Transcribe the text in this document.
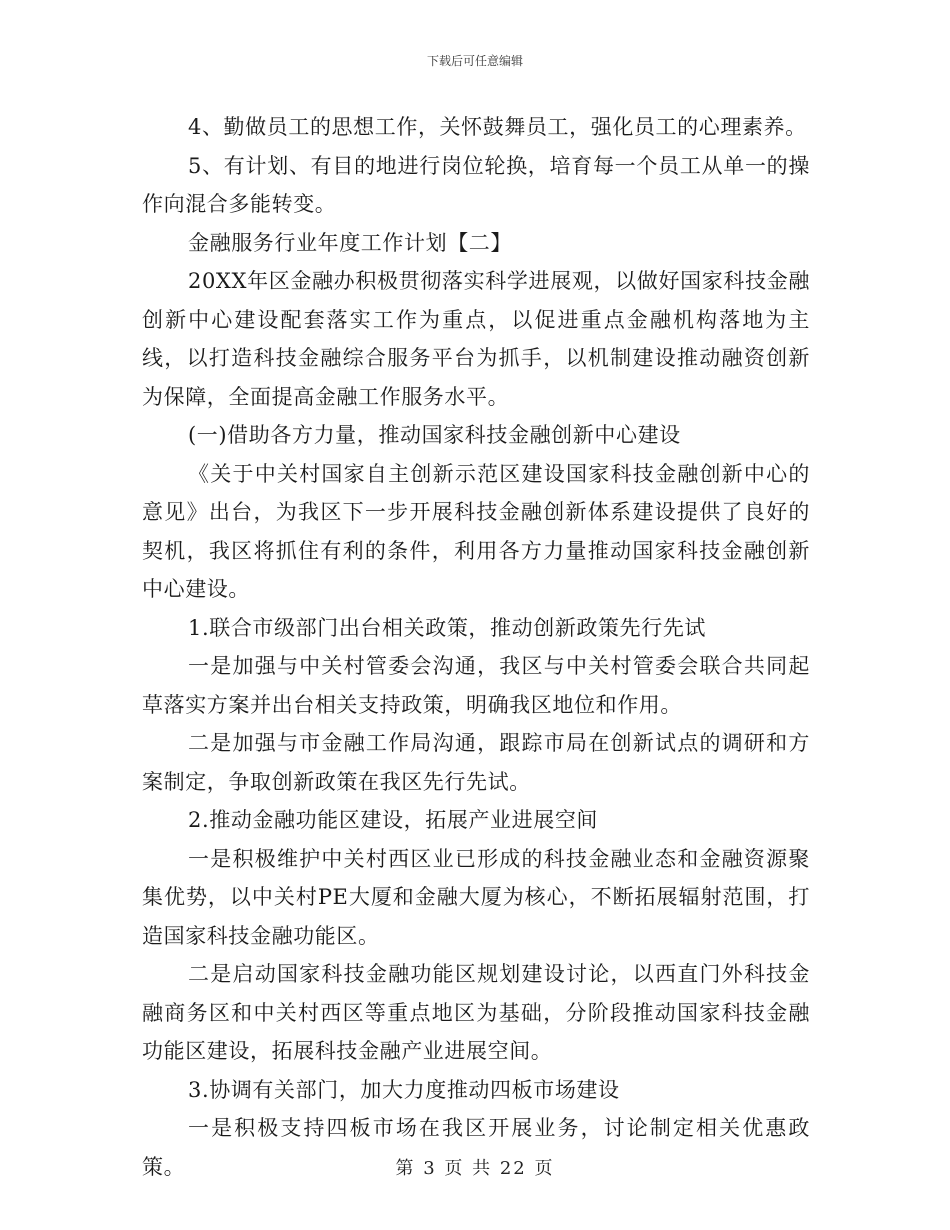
下载后可任意编辑

4、勤做员工的思想工作，关怀鼓舞员工，强化员工的心理素养。

5、有计划、有目的地进行岗位轮换，培育每一个员工从单一的操作向混合多能转变。

金融服务行业年度工作计划【二】

20XX年区金融办积极贯彻落实科学进展观，以做好国家科技金融创新中心建设配套落实工作为重点，以促进重点金融机构落地为主线，以打造科技金融综合服务平台为抓手，以机制建设推动融资创新为保障，全面提高金融工作服务水平。

(一)借助各方力量，推动国家科技金融创新中心建设

《关于中关村国家自主创新示范区建设国家科技金融创新中心的意见》出台，为我区下一步开展科技金融创新体系建设提供了良好的契机，我区将抓住有利的条件，利用各方力量推动国家科技金融创新中心建设。

1.联合市级部门出台相关政策，推动创新政策先行先试

一是加强与中关村管委会沟通，我区与中关村管委会联合共同起草落实方案并出台相关支持政策，明确我区地位和作用。

二是加强与市金融工作局沟通，跟踪市局在创新试点的调研和方案制定，争取创新政策在我区先行先试。

2.推动金融功能区建设，拓展产业进展空间

一是积极维护中关村西区业已形成的科技金融业态和金融资源聚集优势，以中关村PE大厦和金融大厦为核心，不断拓展辐射范围，打造国家科技金融功能区。

二是启动国家科技金融功能区规划建设讨论，以西直门外科技金融商务区和中关村西区等重点地区为基础，分阶段推动国家科技金融功能区建设，拓展科技金融产业进展空间。

3.协调有关部门，加大力度推动四板市场建设

一是积极支持四板市场在我区开展业务，讨论制定相关优惠政策。	第 3 页 共 22 页
